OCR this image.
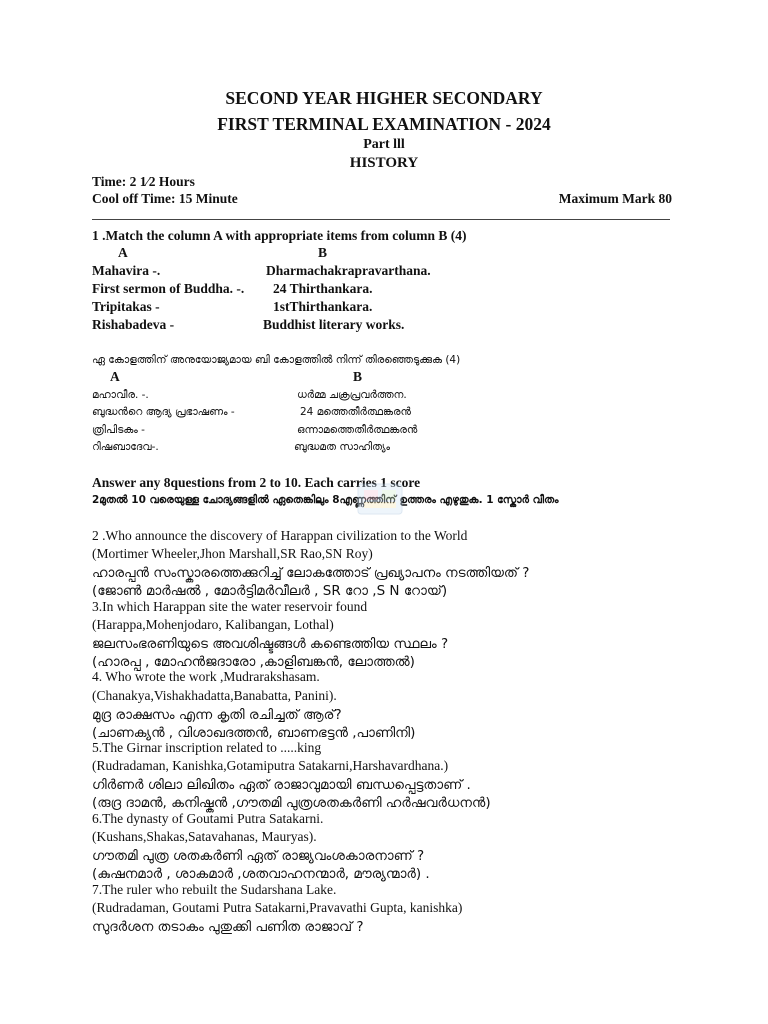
SECOND YEAR HIGHER SECONDARY
FIRST TERMINAL EXAMINATION - 2024
Part lll
HISTORY
Time: 2 1⁄2 Hours
Cool off Time: 15 Minute	Maximum Mark 80
1 .Match the column A with appropriate items from column B (4)
A	B
Mahavira -.	Dharmachakrapravarthana.
First sermon of Buddha. -. 24 Thirthankara.
Tripitakas -	1stThirthankara.
Rishabadeva -	Buddhist literary works.
ഏ കോളത്തിന് അനുയോജ്യമായ ബി കോളത്തിൽ നിന്ന് തിരഞ്ഞെടുക്കുക (4)
A	B
മഹാവീര. -.	ധർമ്മ ചക്രപ്രവർത്തന.
ബുദ്ധൻറെ ആദ്യ പ്രഭാഷണം -	24 മത്തെതീർത്ഥങ്കരൻ
ത്രിപിടകം -	ഒന്നാമത്തെതീർത്ഥങ്കരൻ
റിഷബാദേവ-.	ബുദ്ധമത സാഹിത്യം
Answer any 8questions from 2 to 10. Each carries 1 score
2മുതൽ 10 വരെയുള്ള ചോദ്യങ്ങളിൽ ഏതെങ്കിലും 8എണ്ണത്തിന് ഉത്തരം എഴുതുക. 1 സ്കോർ വീതം
2 .Who announce the discovery of Harappan civilization to the World
(Mortimer Wheeler,Jhon Marshall,SR Rao,SN Roy)
ഹാരപ്പൻ സംസ്കാരത്തെക്കുറിച്ച് ലോകത്തോട് പ്രഖ്യാപനം നടത്തിയത് ?
(ജോൺ മാർഷൽ , മോർട്ടിമർവീലർ , SR റോ ,S N റോയ്)
3.In which Harappan site the water reservoir found
(Harappa,Mohenjodaro, Kalibangan, Lothal)
ജലസംഭരണിയുടെ അവശിഷ്ടങ്ങൾ കണ്ടെത്തിയ സ്ഥലം ?
(ഹാരപ്പ , മോഹൻജദാരോ ,കാളിബങ്കൻ, ലോത്തൽ)
4. Who wrote the work ,Mudrarakshasam.
(Chanakya,Vishakhadatta,Banabatta, Panini).
മുദ്ര രാക്ഷസം എന്ന കൃതി രചിച്ചത് ആര്?
(ചാണക്യൻ , വിശാഖദത്തൻ, ബാണഭട്ടൻ ,പാണിനി)
5.The Girnar inscription related to .....king
(Rudradaman, Kanishka,Gotamiputra Satakarni,Harshavardhana.)
ഗിർണർ ശിലാ ലിഖിതം ഏത് രാജാവുമായി ബന്ധപ്പെട്ടതാണ് .
(രുദ്ര ദാമൻ, കനിഷ്കൻ ,ഗൗതമി പുത്രശതകർണി ഹർഷവർധനൻ)
6.The dynasty of Goutami Putra Satakarni.
(Kushans,Shakas,Satavahanas, Mauryas).
ഗൗതമി പുത്ര ശതകർണി ഏത് രാജ്യവംശകാരനാണ് ?
(കുഷനമാർ , ശാകമാർ ,ശതവാഹനന്മാർ, മൗര്യന്മാർ) .
7.The ruler who rebuilt the Sudarshana Lake.
(Rudradaman, Goutami Putra Satakarni,Pravavathi Gupta, kanishka)
സുദർശന തടാകം പുതുക്കി പണിത രാജാവ് ?
